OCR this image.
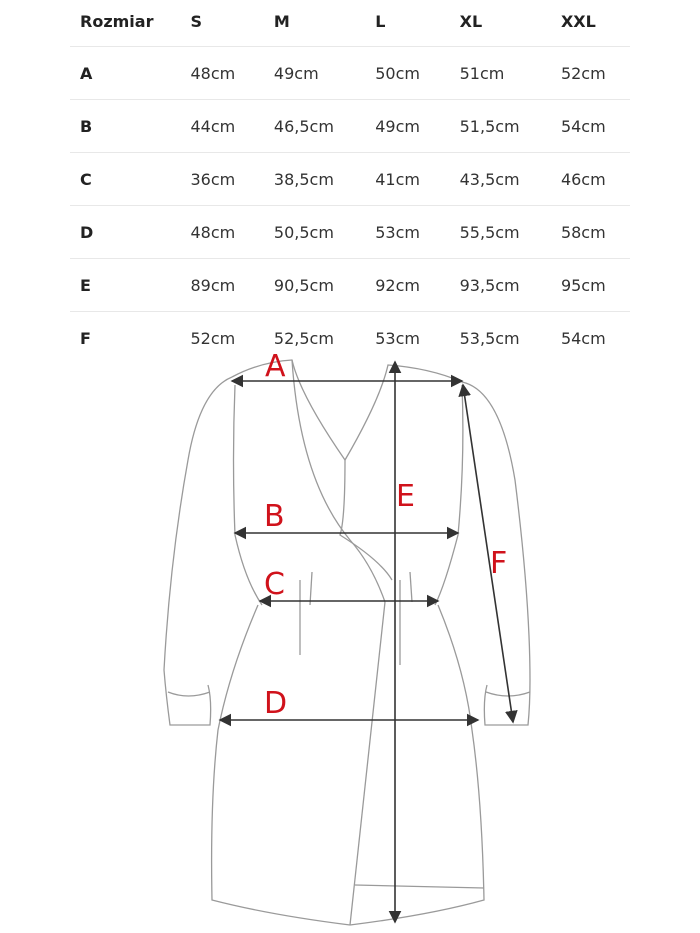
Rozmiar	S	M	L	XL	XXL
A	48cm	49cm	50cm	51cm	52cm
B	44cm	46,5cm	49cm	51,5cm	54cm
C	36cm	38,5cm	41cm	43,5cm	46cm
D	48cm	50,5cm	53cm	55,5cm	58cm
E	89cm	90,5cm	92cm	93,5cm	95cm
F	52cm	52,5cm	53cm	53,5cm	54cm
A
B
C
D
E
F
